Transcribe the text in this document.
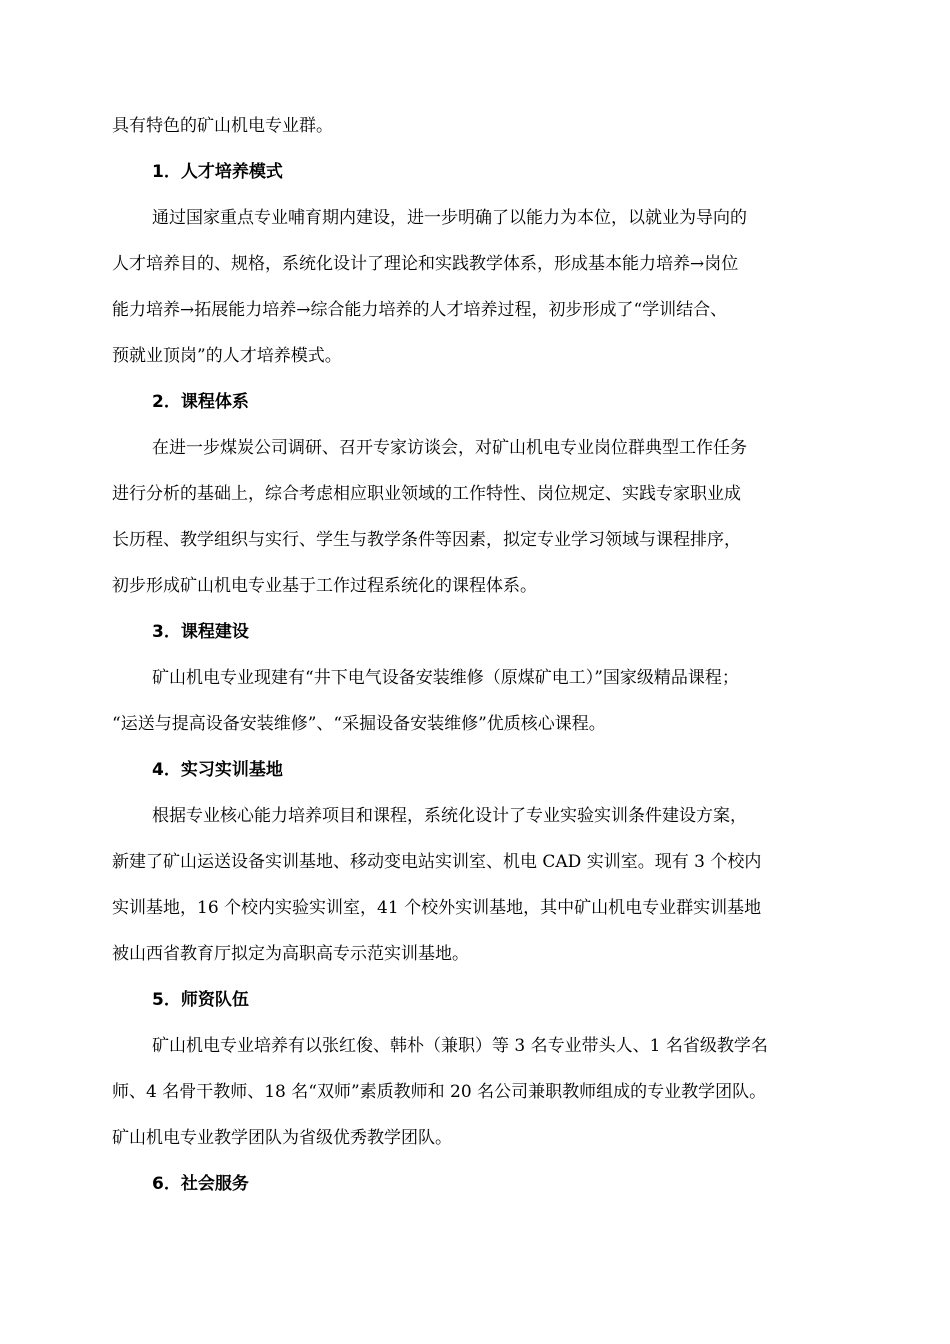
具有特色的矿山机电专业群。
1．人才培养模式
通过国家重点专业哺育期内建设，进一步明确了以能力为本位，以就业为导向的
人才培养目的、规格，系统化设计了理论和实践教学体系，形成基本能力培养→岗位
能力培养→拓展能力培养→综合能力培养的人才培养过程，初步形成了“学训结合、
预就业顶岗”的人才培养模式。
2．课程体系
在进一步煤炭公司调研、召开专家访谈会，对矿山机电专业岗位群典型工作任务
进行分析的基础上，综合考虑相应职业领域的工作特性、岗位规定、实践专家职业成
长历程、教学组织与实行、学生与教学条件等因素，拟定专业学习领域与课程排序，
初步形成矿山机电专业基于工作过程系统化的课程体系。
3．课程建设
矿山机电专业现建有“井下电气设备安装维修（原煤矿电工）”国家级精品课程；
“运送与提高设备安装维修”、“采掘设备安装维修”优质核心课程。
4．实习实训基地
根据专业核心能力培养项目和课程，系统化设计了专业实验实训条件建设方案，
新建了矿山运送设备实训基地、移动变电站实训室、机电 CAD 实训室。现有 3 个校内
实训基地，16 个校内实验实训室，41 个校外实训基地，其中矿山机电专业群实训基地
被山西省教育厅拟定为高职高专示范实训基地。
5．师资队伍
矿山机电专业培养有以张红俊、韩朴（兼职）等 3 名专业带头人、1 名省级教学名
师、4 名骨干教师、18 名“双师”素质教师和 20 名公司兼职教师组成的专业教学团队。
矿山机电专业教学团队为省级优秀教学团队。
6．社会服务
